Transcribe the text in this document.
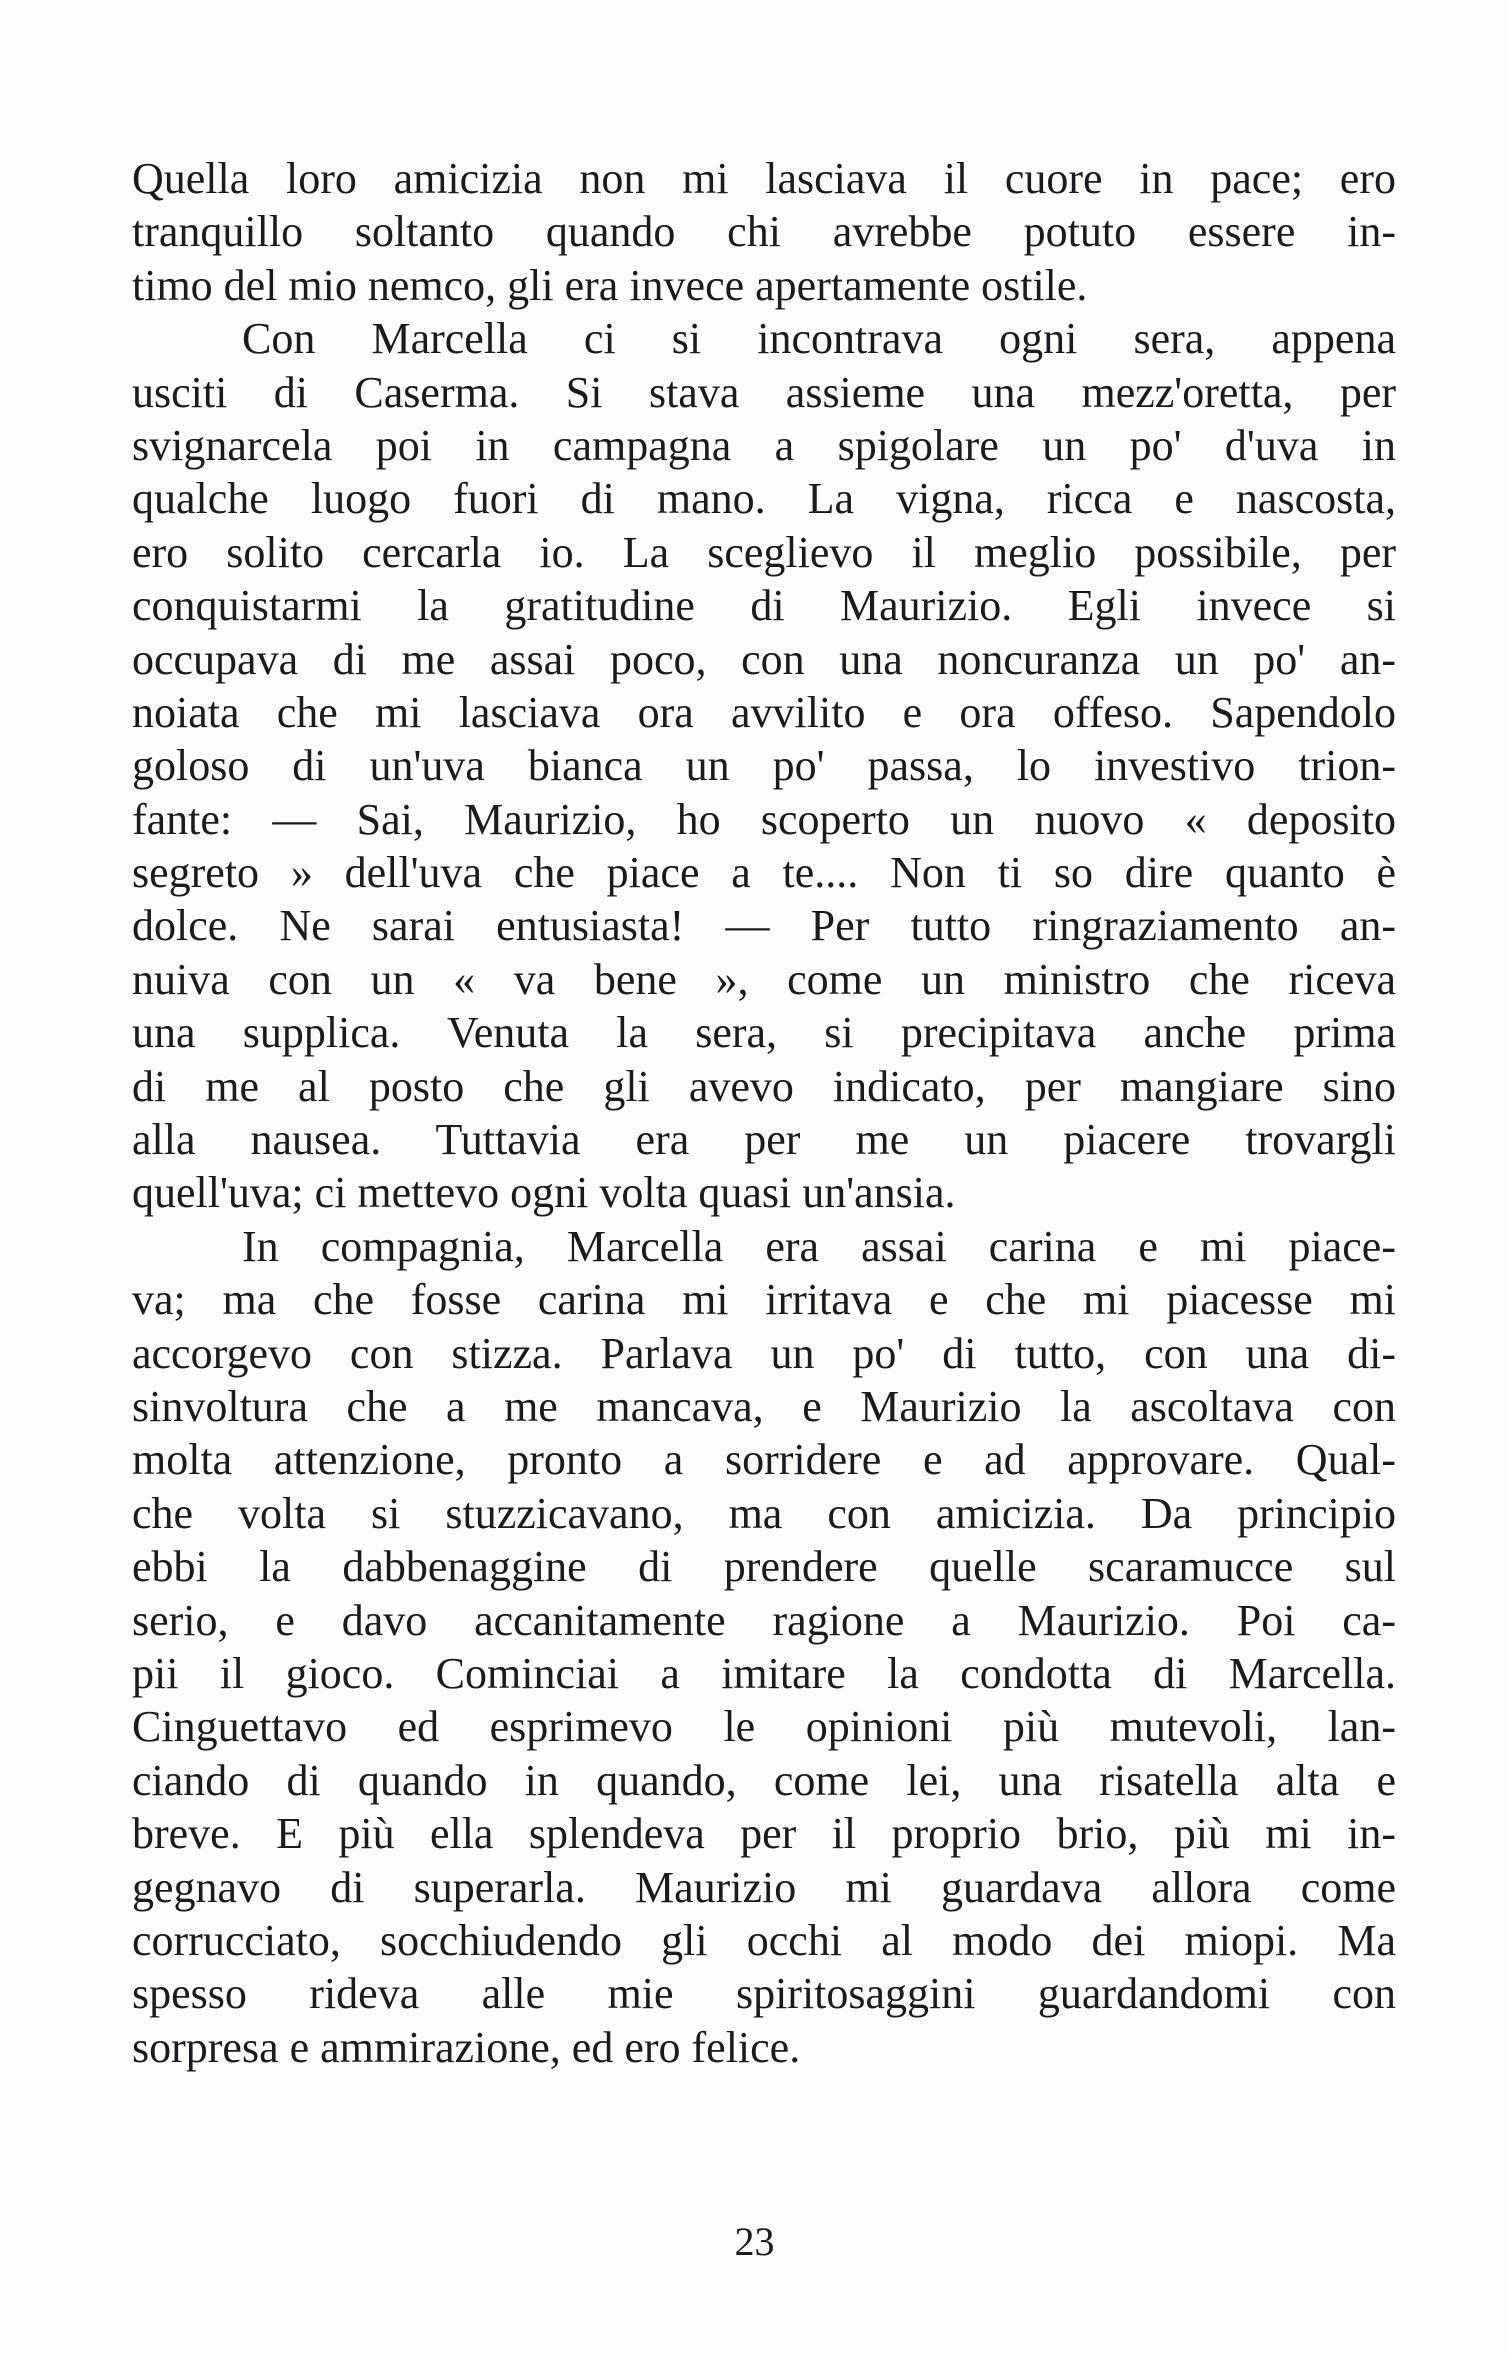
Quella loro amicizia non mi lasciava il cuore in pace; ero
tranquillo soltanto quando chi avrebbe potuto essere in-
timo del mio nemco, gli era invece apertamente ostile.
Con Marcella ci si incontrava ogni sera, appena
usciti di Caserma. Si stava assieme una mezz'oretta, per
svignarcela poi in campagna a spigolare un po' d'uva in
qualche luogo fuori di mano. La vigna, ricca e nascosta,
ero solito cercarla io. La sceglievo il meglio possibile, per
conquistarmi la gratitudine di Maurizio. Egli invece si
occupava di me assai poco, con una noncuranza un po' an-
noiata che mi lasciava ora avvilito e ora offeso. Sapendolo
goloso di un'uva bianca un po' passa, lo investivo trion-
fante: — Sai, Maurizio, ho scoperto un nuovo « deposito
segreto » dell'uva che piace a te.... Non ti so dire quanto è
dolce. Ne sarai entusiasta! — Per tutto ringraziamento an-
nuiva con un « va bene », come un ministro che riceva
una supplica. Venuta la sera, si precipitava anche prima
di me al posto che gli avevo indicato, per mangiare sino
alla nausea. Tuttavia era per me un piacere trovargli
quell'uva; ci mettevo ogni volta quasi un'ansia.
In compagnia, Marcella era assai carina e mi piace-
va; ma che fosse carina mi irritava e che mi piacesse mi
accorgevo con stizza. Parlava un po' di tutto, con una di-
sinvoltura che a me mancava, e Maurizio la ascoltava con
molta attenzione, pronto a sorridere e ad approvare. Qual-
che volta si stuzzicavano, ma con amicizia. Da principio
ebbi la dabbenaggine di prendere quelle scaramucce sul
serio, e davo accanitamente ragione a Maurizio. Poi ca-
pii il gioco. Cominciai a imitare la condotta di Marcella.
Cinguettavo ed esprimevo le opinioni più mutevoli, lan-
ciando di quando in quando, come lei, una risatella alta e
breve. E più ella splendeva per il proprio brio, più mi in-
gegnavo di superarla. Maurizio mi guardava allora come
corrucciato, socchiudendo gli occhi al modo dei miopi. Ma
spesso rideva alle mie spiritosaggini guardandomi con
sorpresa e ammirazione, ed ero felice.
23
